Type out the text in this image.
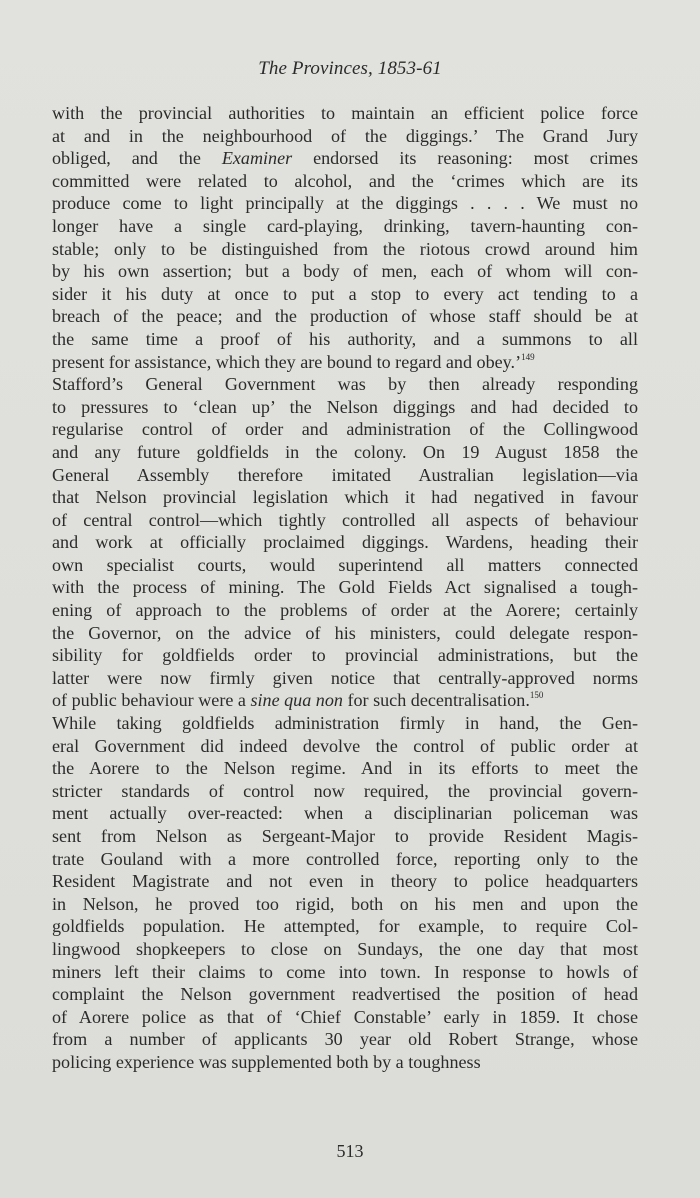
The Provinces, 1853-61
with the provincial authorities to maintain an efficient police force
at and in the neighbourhood of the diggings.’ The Grand Jury
obliged, and the Examiner endorsed its reasoning: most crimes
committed were related to alcohol, and the ‘crimes which are its
produce come to light principally at the diggings . . . . We must no
longer have a single card-playing, drinking, tavern-haunting con-
stable; only to be distinguished from the riotous crowd around him
by his own assertion; but a body of men, each of whom will con-
sider it his duty at once to put a stop to every act tending to a
breach of the peace; and the production of whose staff should be at
the same time a proof of his authority, and a summons to all
present for assistance, which they are bound to regard and obey.’$^{149}$
Stafford’s General Government was by then already responding
to pressures to ‘clean up’ the Nelson diggings and had decided to
regularise control of order and administration of the Collingwood
and any future goldfields in the colony. On 19 August 1858 the
General Assembly therefore imitated Australian legislation—via
that Nelson provincial legislation which it had negatived in favour
of central control—which tightly controlled all aspects of behaviour
and work at officially proclaimed diggings. Wardens, heading their
own specialist courts, would superintend all matters connected
with the process of mining. The Gold Fields Act signalised a tough-
ening of approach to the problems of order at the Aorere; certainly
the Governor, on the advice of his ministers, could delegate respon-
sibility for goldfields order to provincial administrations, but the
latter were now firmly given notice that centrally-approved norms
of public behaviour were a sine qua non for such decentralisation.$^{150}$
While taking goldfields administration firmly in hand, the Gen-
eral Government did indeed devolve the control of public order at
the Aorere to the Nelson regime. And in its efforts to meet the
stricter standards of control now required, the provincial govern-
ment actually over-reacted: when a disciplinarian policeman was
sent from Nelson as Sergeant-Major to provide Resident Magis-
trate Gouland with a more controlled force, reporting only to the
Resident Magistrate and not even in theory to police headquarters
in Nelson, he proved too rigid, both on his men and upon the
goldfields population. He attempted, for example, to require Col-
lingwood shopkeepers to close on Sundays, the one day that most
miners left their claims to come into town. In response to howls of
complaint the Nelson government readvertised the position of head
of Aorere police as that of ‘Chief Constable’ early in 1859. It chose
from a number of applicants 30 year old Robert Strange, whose
policing experience was supplemented both by a toughness
513
